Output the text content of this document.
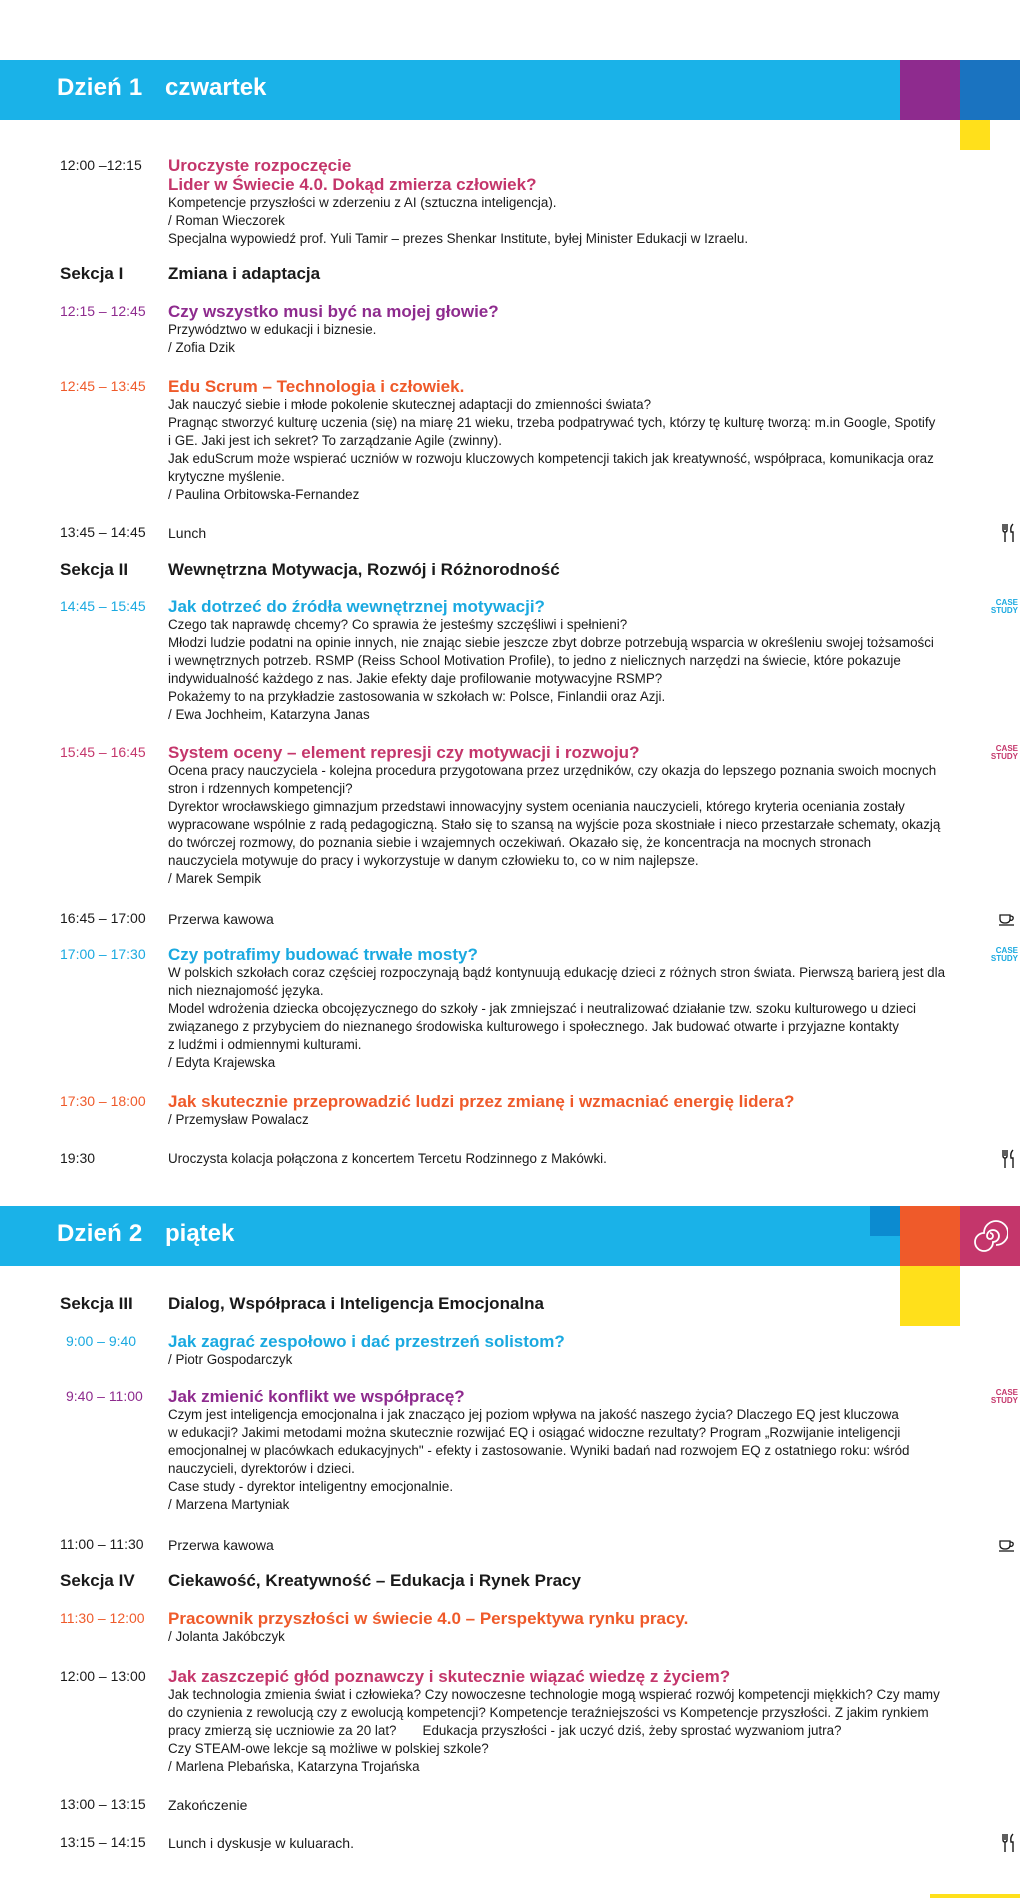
Dzień 1 czwartek
12:00 –12:15 Uroczyste rozpoczęcie
Lider w Świecie 4.0. Dokąd zmierza człowiek?
Kompetencje przyszłości w zderzeniu z AI (sztuczna inteligencja).
/ Roman Wieczorek
Specjalna wypowiedź prof. Yuli Tamir – prezes Shenkar Institute, byłej Minister Edukacji w Izraelu.
Sekcja I	Zmiana i adaptacja
12:15 – 12:45 Czy wszystko musi być na mojej głowie?
Przywództwo w edukacji i biznesie.
/ Zofia Dzik
12:45 – 13:45 Edu Scrum – Technologia i człowiek.
Jak nauczyć siebie i młode pokolenie skutecznej adaptacji do zmienności świata?
Pragnąc stworzyć kulturę uczenia (się) na miarę 21 wieku, trzeba podpatrywać tych, którzy tę kulturę tworzą: m.in Google, Spotify
i GE. Jaki jest ich sekret? To zarządzanie Agile (zwinny).
Jak eduScrum może wspierać uczniów w rozwoju kluczowych kompetencji takich jak kreatywność, współpraca, komunikacja oraz
krytyczne myślenie.
/ Paulina Orbitowska-Fernandez
13:45 – 14:45 Lunch
Sekcja II Wewnętrzna Motywacja, Rozwój i Różnorodność
14:45 – 15:45 Jak dotrzeć do źródła wewnętrznej motywacji?
Czego tak naprawdę chcemy? Co sprawia że jesteśmy szczęśliwi i spełnieni?
Młodzi ludzie podatni na opinie innych, nie znając siebie jeszcze zbyt dobrze potrzebują wsparcia w określeniu swojej tożsamości
i wewnętrznych potrzeb. RSMP (Reiss School Motivation Profile), to jedno z nielicznych narzędzi na świecie, które pokazuje
indywidualność każdego z nas. Jakie efekty daje profilowanie motywacyjne RSMP?
Pokażemy to na przykładzie zastosowania w szkołach w: Polsce, Finlandii oraz Azji.
/ Ewa Jochheim, Katarzyna Janas
CASE
STUDY
15:45 – 16:45 System oceny – element represji czy motywacji i rozwoju?
Ocena pracy nauczyciela - kolejna procedura przygotowana przez urzędników, czy okazja do lepszego poznania swoich mocnych
stron i rdzennych kompetencji?
Dyrektor wrocławskiego gimnazjum przedstawi innowacyjny system oceniania nauczycieli, którego kryteria oceniania zostały
wypracowane wspólnie z radą pedagogiczną. Stało się to szansą na wyjście poza skostniałe i nieco przestarzałe schematy, okazją
do twórczej rozmowy, do poznania siebie i wzajemnych oczekiwań. Okazało się, że koncentracja na mocnych stronach
nauczyciela motywuje do pracy i wykorzystuje w danym człowieku to, co w nim najlepsze.
/ Marek Sempik
CASE
STUDY
16:45 – 17:00 Przerwa kawowa
17:00 – 17:30 Czy potrafimy budować trwałe mosty?
W polskich szkołach coraz częściej rozpoczynają bądź kontynuują edukację dzieci z różnych stron świata. Pierwszą barierą jest dla
nich nieznajomość języka.
Model wdrożenia dziecka obcojęzycznego do szkoły - jak zmniejszać i neutralizować działanie tzw. szoku kulturowego u dzieci
związanego z przybyciem do nieznanego środowiska kulturowego i społecznego. Jak budować otwarte i przyjazne kontakty
z ludźmi i odmiennymi kulturami.
/ Edyta Krajewska
CASE
STUDY
17:30 – 18:00 Jak skutecznie przeprowadzić ludzi przez zmianę i wzmacniać energię lidera?
/ Przemysław Powalacz
19:30	Uroczysta kolacja połączona z koncertem Tercetu Rodzinnego z Makówki.
Dzień 2 piątek
Sekcja III Dialog, Współpraca i Inteligencja Emocjonalna
9:00 – 9:40 Jak zagrać zespołowo i dać przestrzeń solistom?
/ Piotr Gospodarczyk
9:40 – 11:00 Jak zmienić konflikt we współpracę?
Czym jest inteligencja emocjonalna i jak znacząco jej poziom wpływa na jakość naszego życia? Dlaczego EQ jest kluczowa
w edukacji? Jakimi metodami można skutecznie rozwijać EQ i osiągać widoczne rezultaty? Program „Rozwijanie inteligencji
emocjonalnej w placówkach edukacyjnych" - efekty i zastosowanie. Wyniki badań nad rozwojem EQ z ostatniego roku: wśród
nauczycieli, dyrektorów i dzieci.
Case study - dyrektor inteligentny emocjonalnie.
/ Marzena Martyniak
CASE
STUDY
11:00 – 11:30 Przerwa kawowa
Sekcja IV Ciekawość, Kreatywność – Edukacja i Rynek Pracy
11:30 – 12:00 Pracownik przyszłości w świecie 4.0 – Perspektywa rynku pracy.
/ Jolanta Jakóbczyk
12:00 – 13:00 Jak zaszczepić głód poznawczy i skutecznie wiązać wiedzę z życiem?
Jak technologia zmienia świat i człowieka? Czy nowoczesne technologie mogą wspierać rozwój kompetencji miękkich? Czy mamy
do czynienia z rewolucją czy z ewolucją kompetencji? Kompetencje teraźniejszości vs Kompetencje przyszłości. Z jakim rynkiem
pracy zmierzą się uczniowie za 20 lat?       Edukacja przyszłości - jak uczyć dziś, żeby sprostać wyzwaniom jutra?
Czy STEAM-owe lekcje są możliwe w polskiej szkole?
/ Marlena Plebańska, Katarzyna Trojańska
13:00 – 13:15 Zakończenie
13:15 – 14:15 Lunch i dyskusje w kuluarach.
